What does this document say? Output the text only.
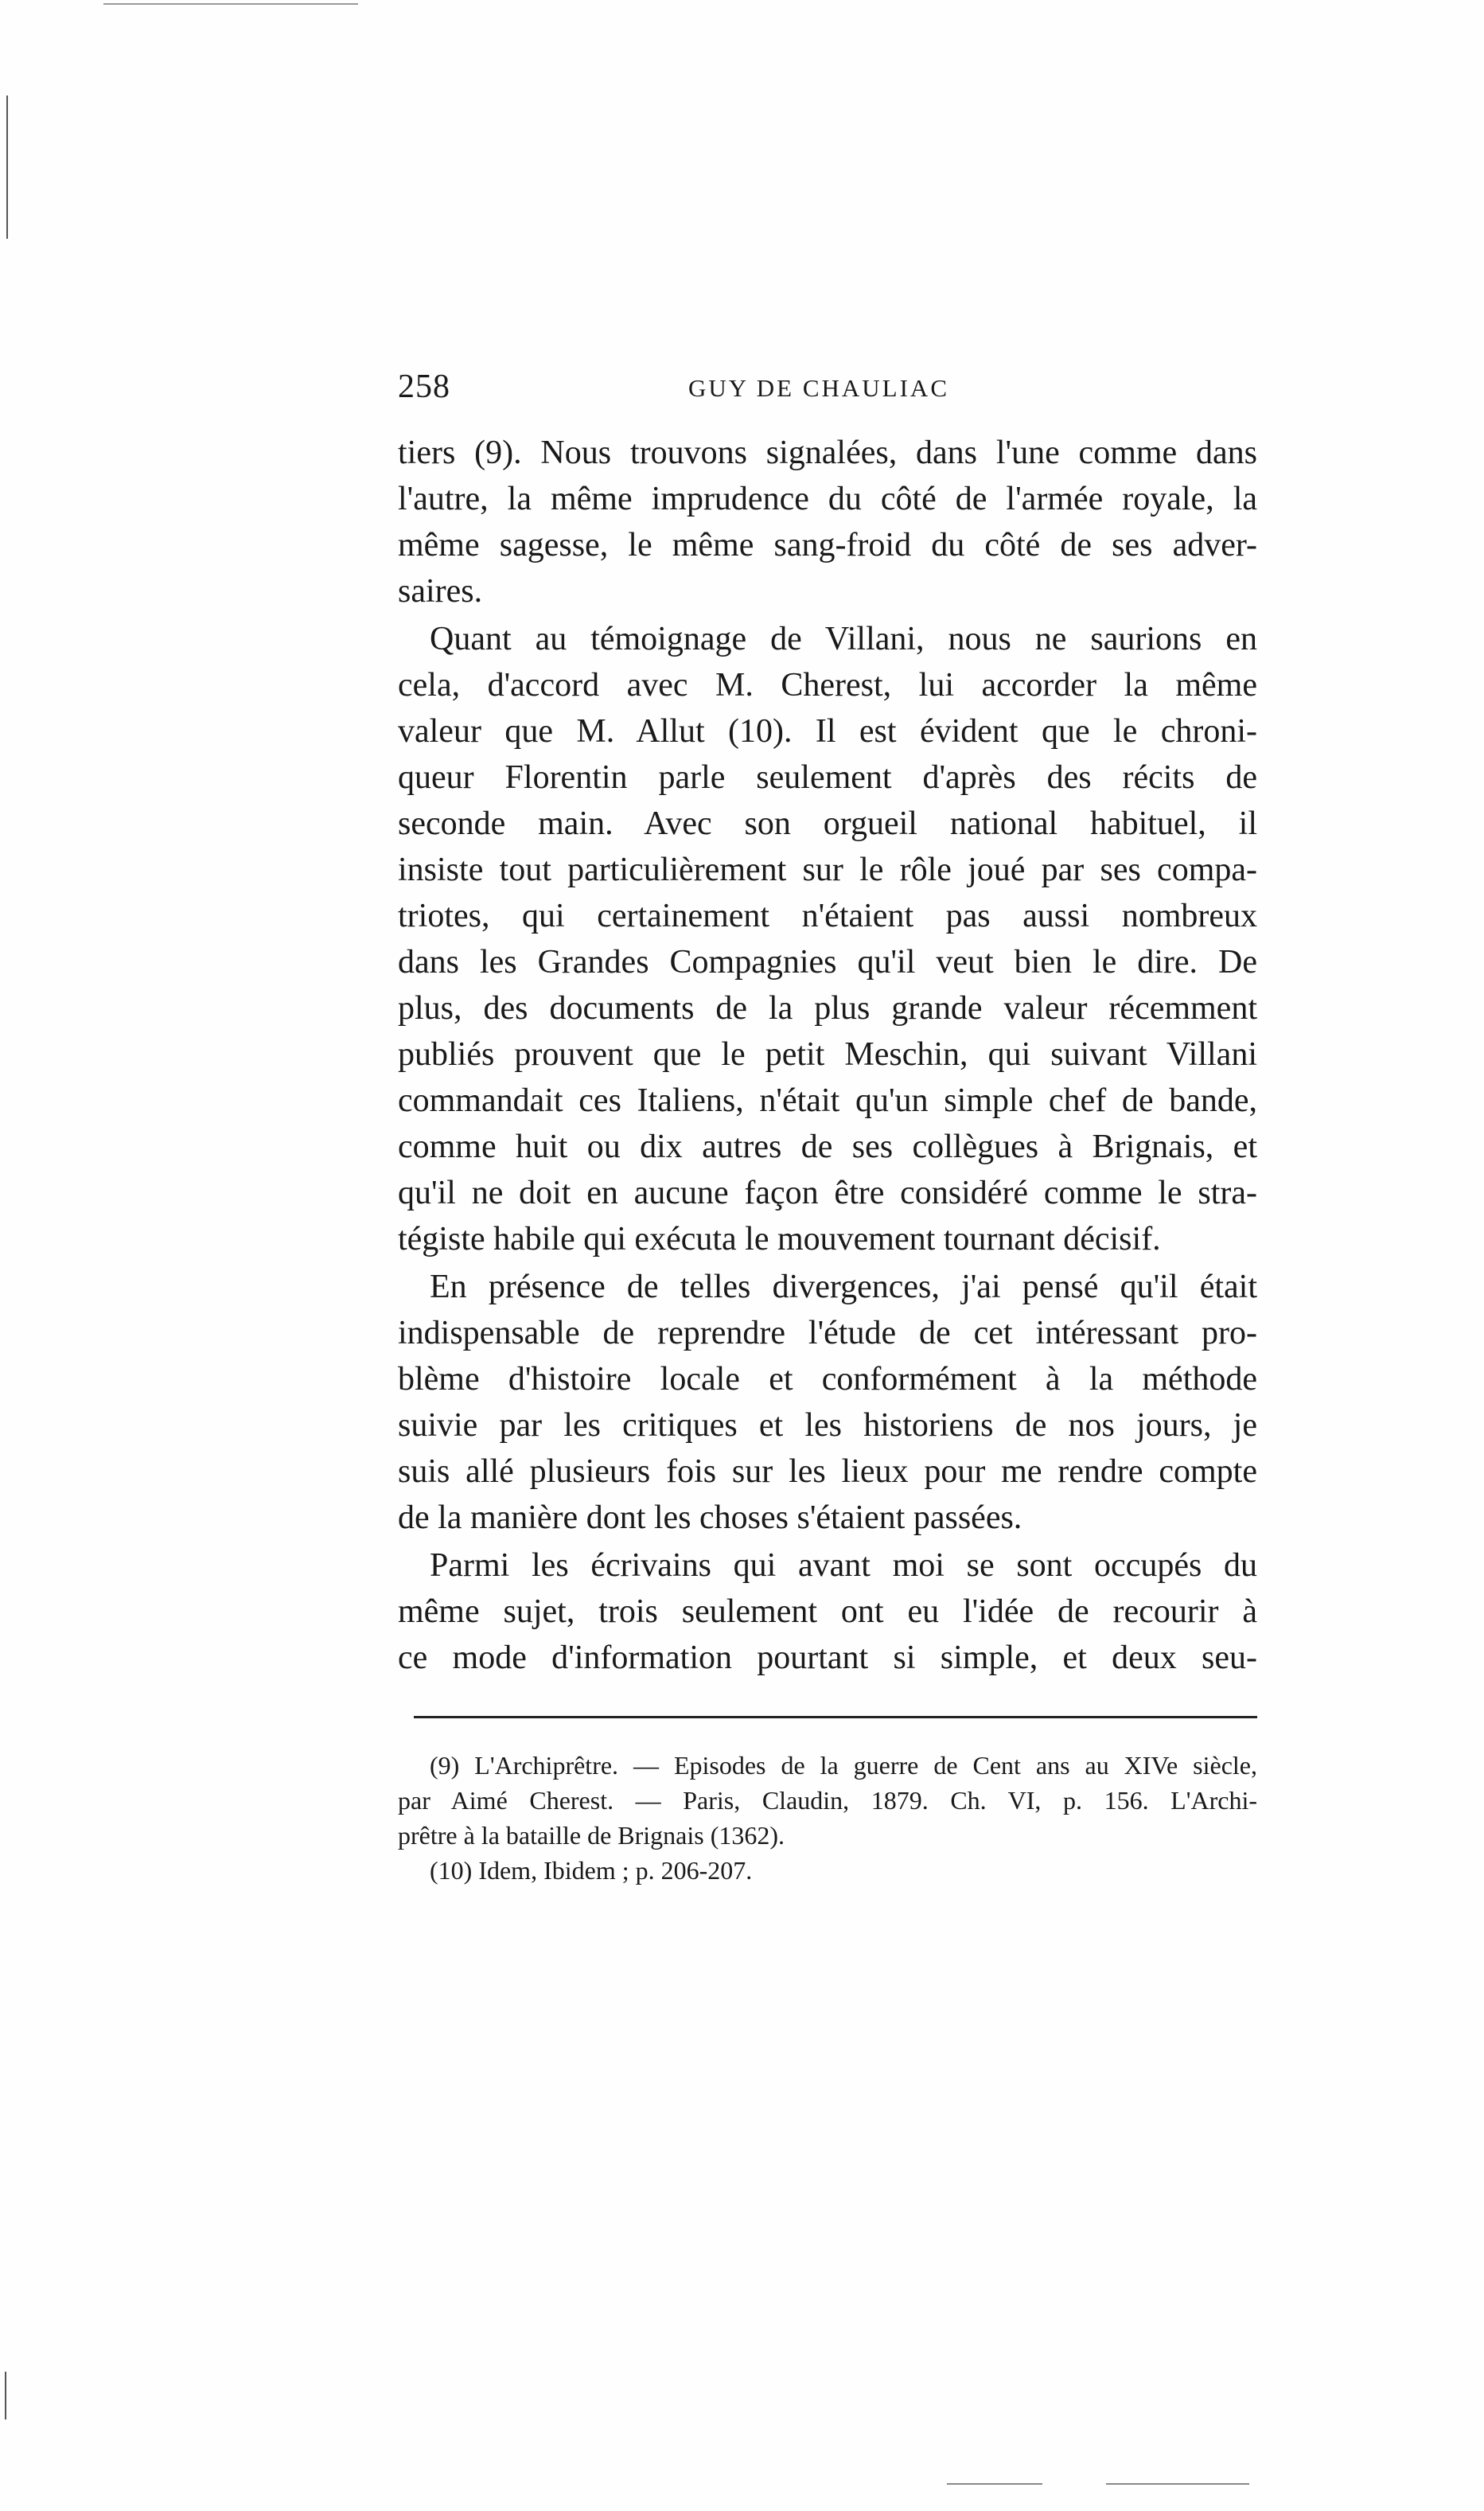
258	GUY DE CHAULIAC
tiers (9). Nous trouvons signalées, dans l'une comme dans
l'autre, la même imprudence du côté de l'armée royale, la
même sagesse, le même sang-froid du côté de ses adver-
saires.
Quant au témoignage de Villani, nous ne saurions en
cela, d'accord avec M. Cherest, lui accorder la même
valeur que M. Allut (10). Il est évident que le chroni-
queur Florentin parle seulement d'après des récits de
seconde main. Avec son orgueil national habituel, il
insiste tout particulièrement sur le rôle joué par ses compa-
triotes, qui certainement n'étaient pas aussi nombreux
dans les Grandes Compagnies qu'il veut bien le dire. De
plus, des documents de la plus grande valeur récemment
publiés prouvent que le petit Meschin, qui suivant Villani
commandait ces Italiens, n'était qu'un simple chef de bande,
comme huit ou dix autres de ses collègues à Brignais, et
qu'il ne doit en aucune façon être considéré comme le stra-
tégiste habile qui exécuta le mouvement tournant décisif.
En présence de telles divergences, j'ai pensé qu'il était
indispensable de reprendre l'étude de cet intéressant pro-
blème d'histoire locale et conformément à la méthode
suivie par les critiques et les historiens de nos jours, je
suis allé plusieurs fois sur les lieux pour me rendre compte
de la manière dont les choses s'étaient passées.
Parmi les écrivains qui avant moi se sont occupés du
même sujet, trois seulement ont eu l'idée de recourir à
ce mode d'information pourtant si simple, et deux seu-
(9) L'Archiprêtre. — Episodes de la guerre de Cent ans au XIVe siècle,
par Aimé Cherest. — Paris, Claudin, 1879. Ch. VI, p. 156. L'Archi-
prêtre à la bataille de Brignais (1362).
(10) Idem, Ibidem ; p. 206-207.
